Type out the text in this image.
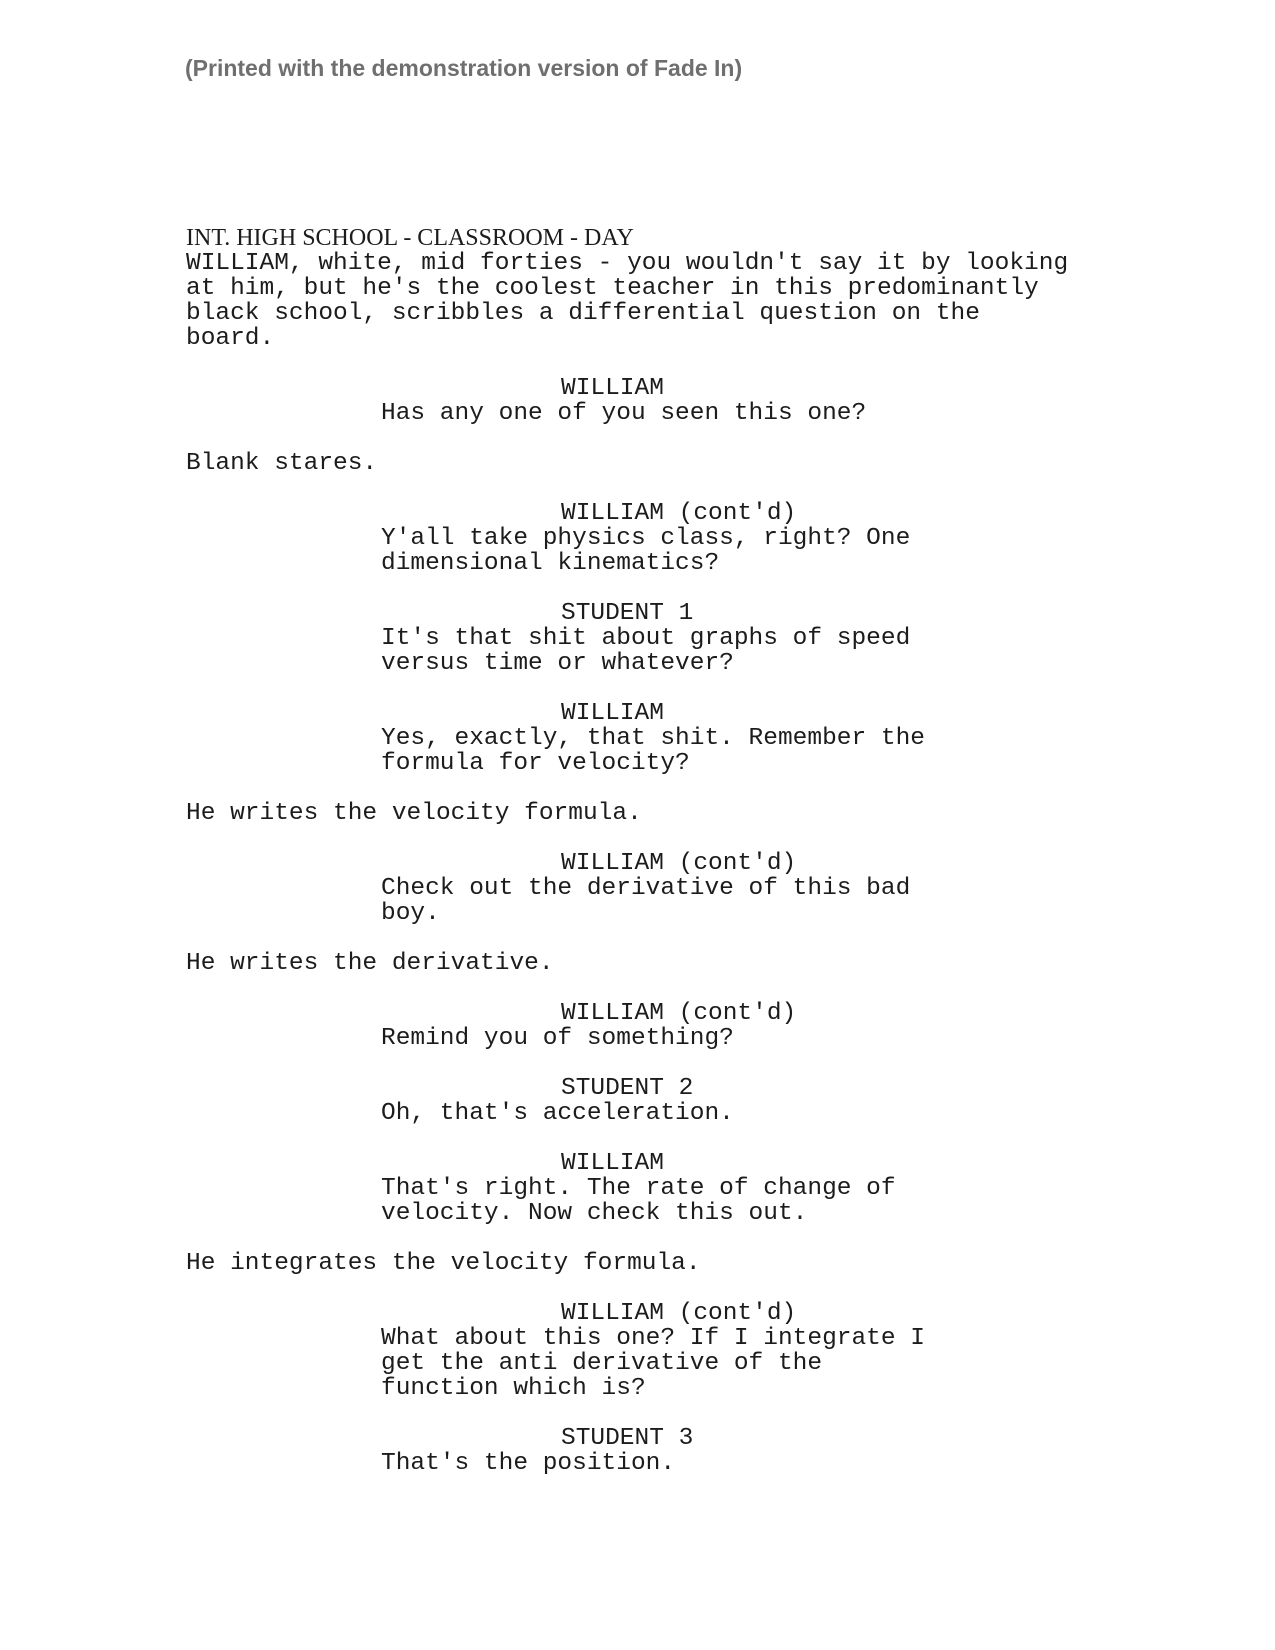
(Printed with the demonstration version of Fade In)
INT. HIGH SCHOOL - CLASSROOM - DAY
WILLIAM, white, mid forties - you wouldn't say it by looking
at him, but he's the coolest teacher in this predominantly
black school, scribbles a differential question on the
board.
WILLIAM
Has any one of you seen this one?
Blank stares.
WILLIAM (cont'd)
Y'all take physics class, right? One
dimensional kinematics?
STUDENT 1
It's that shit about graphs of speed
versus time or whatever?
WILLIAM
Yes, exactly, that shit. Remember the
formula for velocity?
He writes the velocity formula.
WILLIAM (cont'd)
Check out the derivative of this bad
boy.
He writes the derivative.
WILLIAM (cont'd)
Remind you of something?
STUDENT 2
Oh, that's acceleration.
WILLIAM
That's right. The rate of change of
velocity. Now check this out.
He integrates the velocity formula.
WILLIAM (cont'd)
What about this one? If I integrate I
get the anti derivative of the
function which is?
STUDENT 3
That's the position.
